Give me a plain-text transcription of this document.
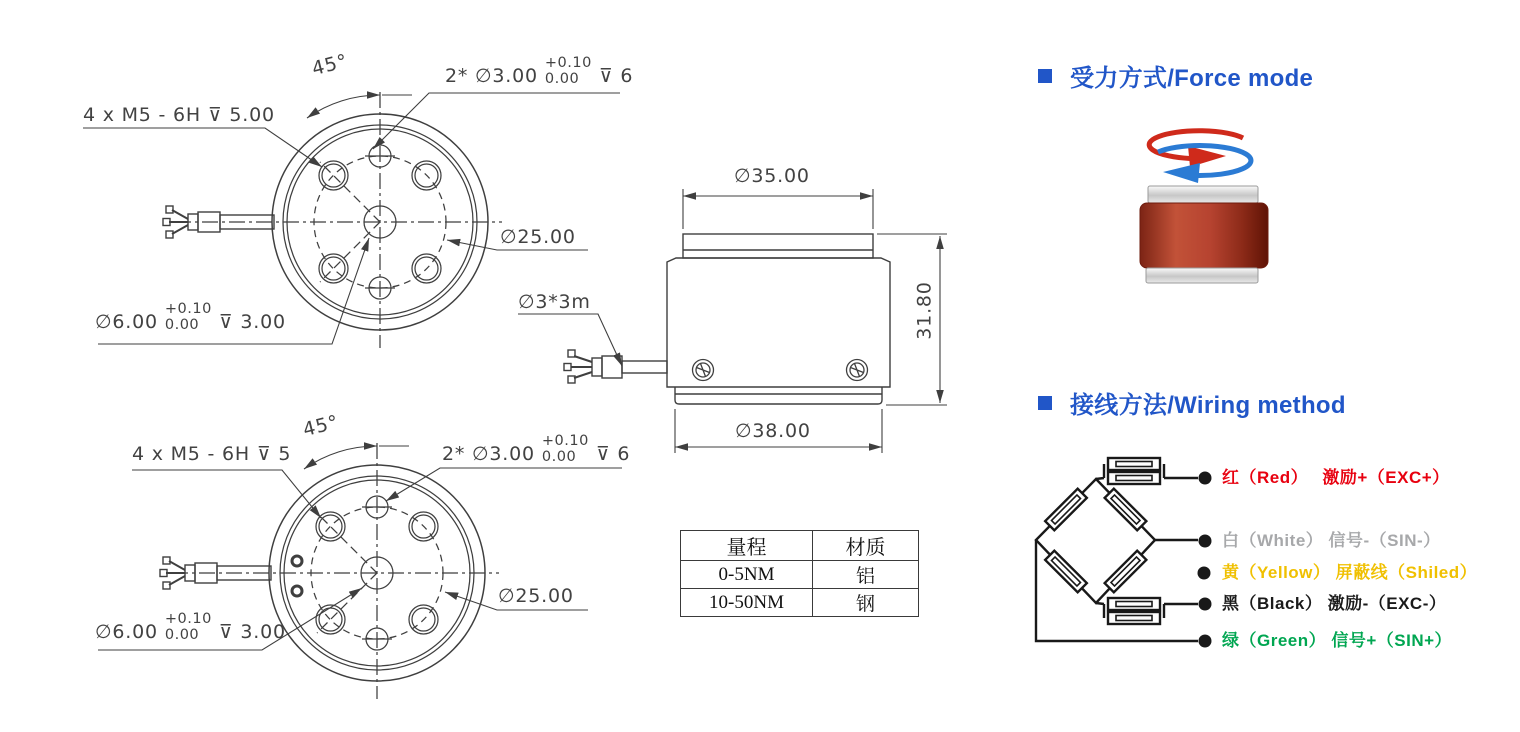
4 x M5 - 6H ⊽ 5.00
45°	2* ∅3.00
+0.10
0.00 ⊽ 6
∅25.00
∅6.00
+0.10
0.00 ⊽ 3.00
4 x M5 - 6H ⊽ 5
45°
2* ∅3.00
+0.10
0.00 ⊽ 6
∅25.00
∅6.00
+0.10
0.00 ⊽ 3.00
∅35.00
31.80
∅38.00
∅3*3m
量程	材质
0-5NM	铝
10-50NM	钢
受力方式/Force mode
接线方法/Wiring method
红（Red）　 激励+（EXC+）
白（White） 信号-（SIN-）
黄（Yellow） 屏蔽线（Shiled）
黑（Black） 激励-（EXC-）
绿（Green） 信号+（SIN+）
